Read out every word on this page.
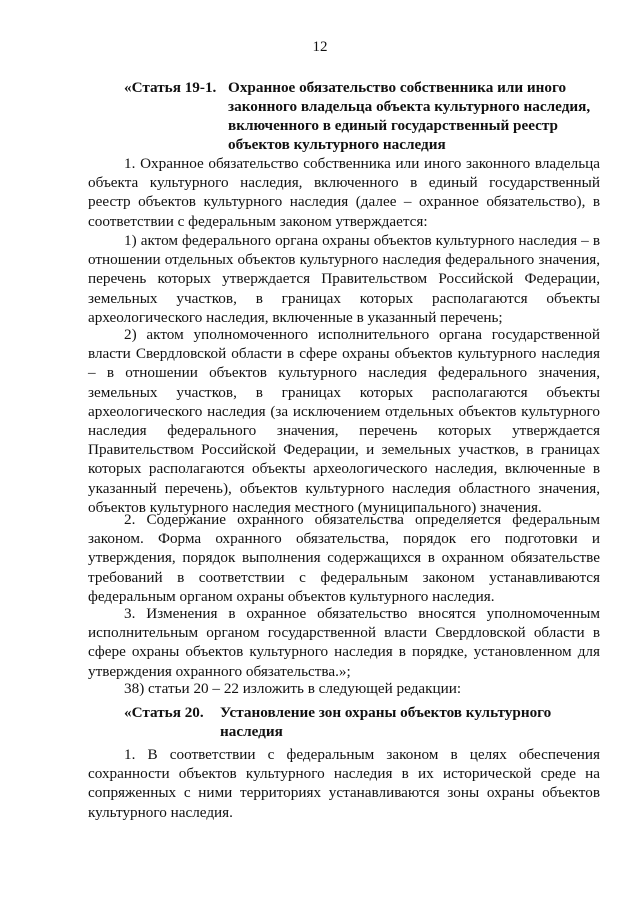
12
«Статья 19-1. Охранное обязательство собственника или иного законного владельца объекта культурного наследия, включенного в единый государственный реестр объектов культурного наследия

1. Охранное обязательство собственника или иного законного владельца объекта культурного наследия, включенного в единый государственный реестр объектов культурного наследия (далее – охранное обязательство), в соответствии с федеральным законом утверждается:

1) актом федерального органа охраны объектов культурного наследия – в отношении отдельных объектов культурного наследия федерального значения, перечень которых утверждается Правительством Российской Федерации, земельных участков, в границах которых располагаются объекты археологического наследия, включенные в указанный перечень;

2) актом уполномоченного исполнительного органа государственной власти Свердловской области в сфере охраны объектов культурного наследия – в отношении объектов культурного наследия федерального значения, земельных участков, в границах которых располагаются объекты археологического наследия (за исключением отдельных объектов культурного наследия федерального значения, перечень которых утверждается Правительством Российской Федерации, и земельных участков, в границах которых располагаются объекты археологического наследия, включенные в указанный перечень), объектов культурного наследия областного значения, объектов культурного наследия местного (муниципального) значения.

2. Содержание охранного обязательства определяется федеральным законом. Форма охранного обязательства, порядок его подготовки и утверждения, порядок выполнения содержащихся в охранном обязательстве требований в соответствии с федеральным законом устанавливаются федеральным органом охраны объектов культурного наследия.

3. Изменения в охранное обязательство вносятся уполномоченным исполнительным органом государственной власти Свердловской области в сфере охраны объектов культурного наследия в порядке, установленном для утверждения охранного обязательства.»;

38) статьи 20 – 22 изложить в следующей редакции:

«Статья 20. Установление зон охраны объектов культурного наследия

1. В соответствии с федеральным законом в целях обеспечения сохранности объектов культурного наследия в их исторической среде на сопряженных с ними территориях устанавливаются зоны охраны объектов культурного наследия.
